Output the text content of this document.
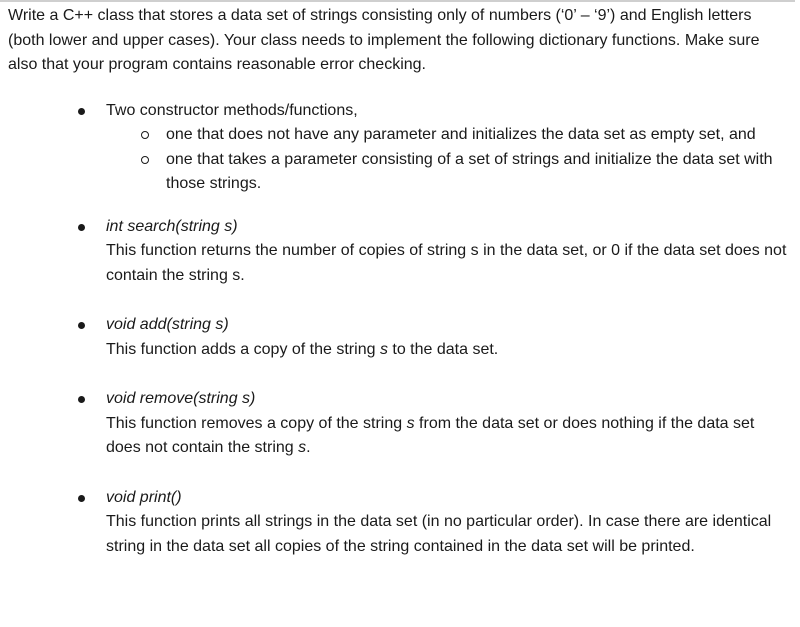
Write a C++ class that stores a data set of strings consisting only of numbers (‘0’ – ‘9’) and English letters (both lower and upper cases). Your class needs to implement the following dictionary functions. Make sure also that your program contains reasonable error checking.

Two constructor methods/functions,
one that does not have any parameter and initializes the data set as empty set, and
one that takes a parameter consisting of a set of strings and initialize the data set with those strings.
int search(string s)
This function returns the number of copies of string s in the data set, or 0 if the data set does not contain the string s.
void add(string s)
This function adds a copy of the string s to the data set.
void remove(string s)
This function removes a copy of the string s from the data set or does nothing if the data set does not contain the string s.
void print()
This function prints all strings in the data set (in no particular order). In case there are identical string in the data set all copies of the string contained in the data set will be printed.
